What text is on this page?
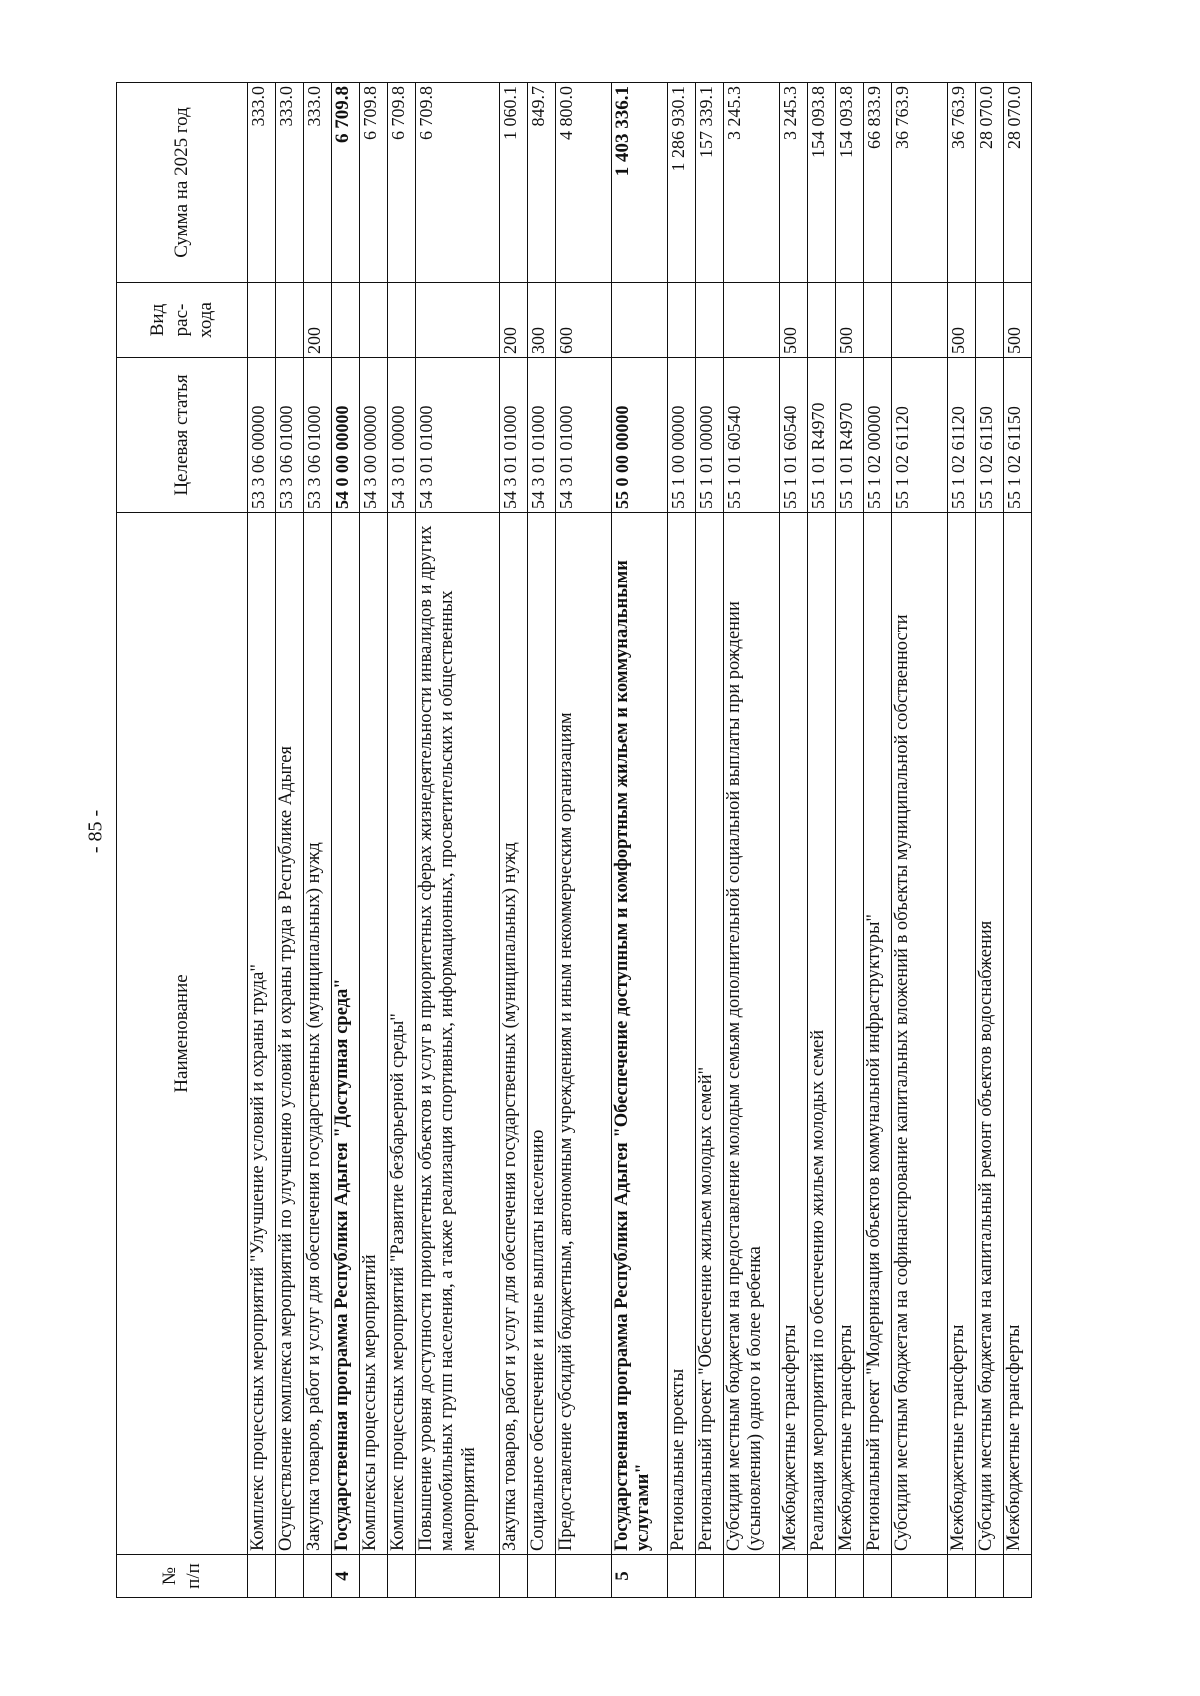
- 85 -
№ п/п	Наименование	Целевая статья	Вид рас- хода	Сумма на 2025 год
	Комплекс процессных мероприятий "Улучшение условий и охраны труда"	53 3 06 00000		333.0
	Осуществление комплекса мероприятий по улучшению условий и охраны труда в Республике Адыгея	53 3 06 01000		333.0
	Закупка товаров, работ и услуг для обеспечения государственных (муниципальных) нужд	53 3 06 01000	200	333.0
4	Государственная программа Республики Адыгея "Доступная среда"	54 0 00 00000		6 709.8
	Комплексы процессных мероприятий	54 3 00 00000		6 709.8
	Комплекс процессных мероприятий "Развитие безбарьерной среды"	54 3 01 00000		6 709.8
	Повышение уровня доступности приоритетных объектов и услуг в приоритетных сферах жизнедеятельности инвалидов и других маломобильных групп населения, а также реализация спортивных, информационных, просветительских и общественных мероприятий	54 3 01 01000		6 709.8
	Закупка товаров, работ и услуг для обеспечения государственных (муниципальных) нужд	54 3 01 01000	200	1 060.1
	Социальное обеспечение и иные выплаты населению	54 3 01 01000	300	849.7
	Предоставление субсидий бюджетным, автономным учреждениям и иным некоммерческим организациям	54 3 01 01000	600	4 800.0
5	Государственная программа Республики Адыгея "Обеспечение доступным и комфортным жильем и коммунальными услугами"	55 0 00 00000		1 403 336.1
	Региональные проекты	55 1 00 00000		1 286 930.1
	Региональный проект "Обеспечение жильем молодых семей"	55 1 01 00000		157 339.1
	Субсидии местным бюджетам на предоставление молодым семьям дополнительной социальной выплаты при рождении (усыновлении) одного и более ребенка	55 1 01 60540		3 245.3
	Межбюджетные трансферты	55 1 01 60540	500	3 245.3
	Реализация мероприятий по обеспечению жильем молодых семей	55 1 01 R4970		154 093.8
	Межбюджетные трансферты	55 1 01 R4970	500	154 093.8
	Региональный проект "Модернизация объектов коммунальной инфраструктуры"	55 1 02 00000		66 833.9
	Субсидии местным бюджетам на софинансирование капитальных вложений в объекты муниципальной собственности	55 1 02 61120		36 763.9
	Межбюджетные трансферты	55 1 02 61120	500	36 763.9
	Субсидии местным бюджетам на капитальный ремонт объектов водоснабжения	55 1 02 61150		28 070.0
	Межбюджетные трансферты	55 1 02 61150	500	28 070.0
